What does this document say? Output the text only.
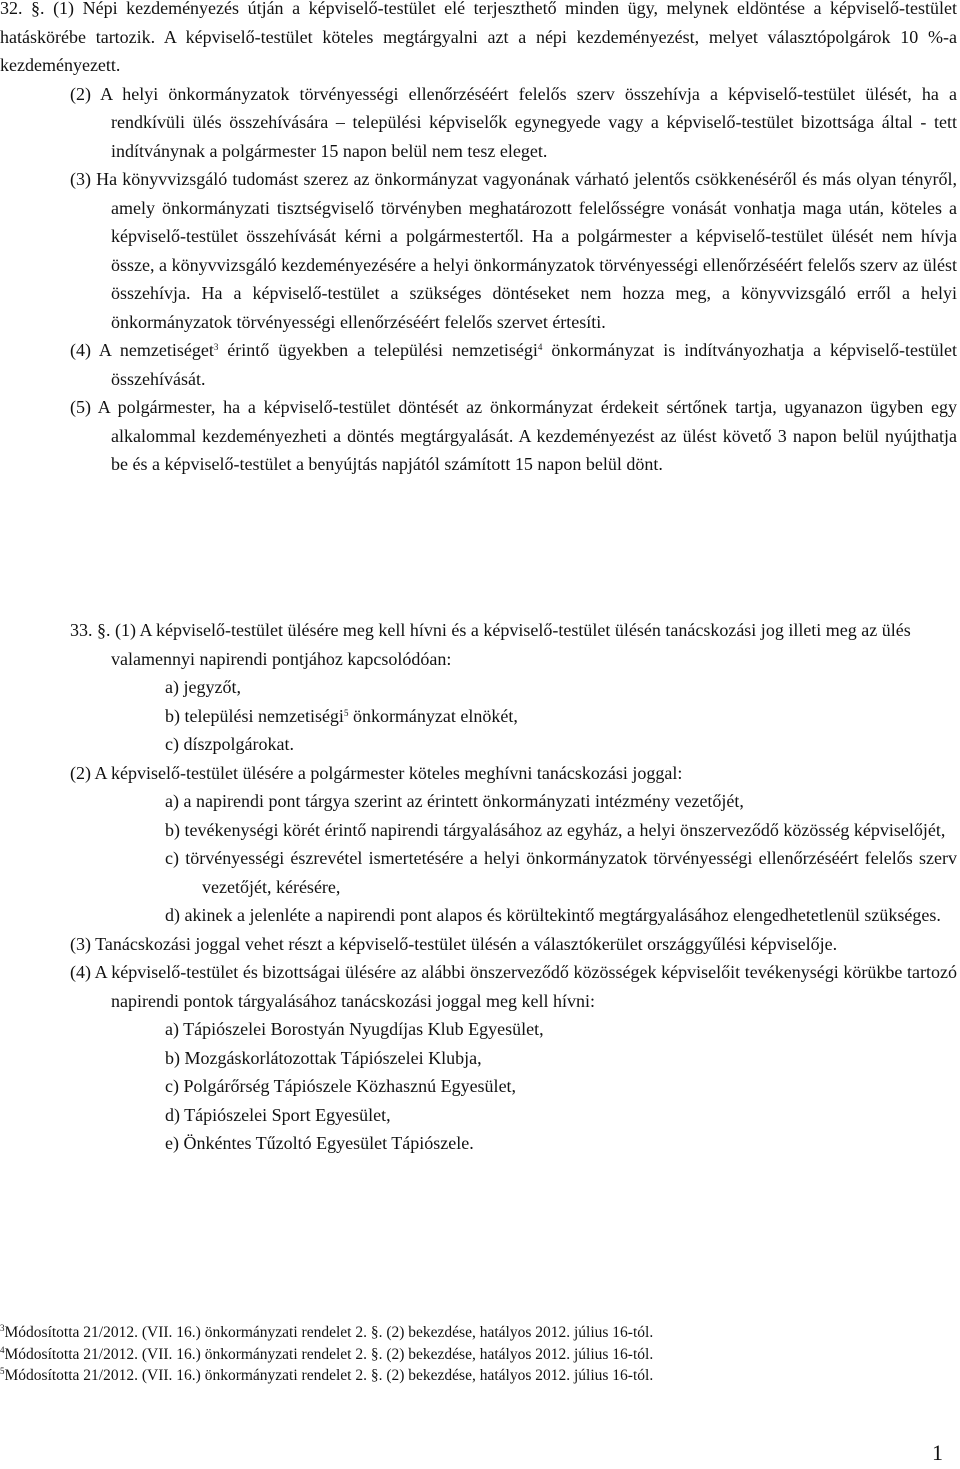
32. §. (1) Népi kezdeményezés útján a képviselő-testület elé terjeszthető minden ügy, melynek eldöntése a képviselő-testület hatáskörébe tartozik. A képviselő-testület köteles megtárgyalni azt a népi kezdeményezést, melyet választópolgárok 10 %-a kezdeményezett.

(2) A helyi önkormányzatok törvényességi ellenőrzéséért felelős szerv összehívja a képviselő-testület ülését, ha a rendkívüli ülés összehívására – települési képviselők egynegyede vagy a képviselő-testület bizottsága által - tett indítványnak a polgármester 15 napon belül nem tesz eleget.

(3) Ha könyvvizsgáló tudomást szerez az önkormányzat vagyonának várható jelentős csökkenéséről és más olyan tényről, amely önkormányzati tisztségviselő törvényben meghatározott felelősségre vonását vonhatja maga után, köteles a képviselő-testület összehívását kérni a polgármestertől. Ha a polgármester a képviselő-testület ülését nem hívja össze, a könyvvizsgáló kezdeményezésére a helyi önkormányzatok törvényességi ellenőrzéséért felelős szerv az ülést összehívja. Ha a képviselő-testület a szükséges döntéseket nem hozza meg, a könyvvizsgáló erről a helyi önkormányzatok törvényességi ellenőrzéséért felelős szervet értesíti.

(4) A nemzetiséget$^3$ érintő ügyekben a települési nemzetiségi$^4$ önkormányzat is indítványozhatja a képviselő-testület összehívását.

(5) A polgármester, ha a képviselő-testület döntését az önkormányzat érdekeit sértőnek tartja, ugyanazon ügyben egy alkalommal kezdeményezheti a döntés megtárgyalását. A kezdeményezést az ülést követő 3 napon belül nyújthatja be és a képviselő-testület a benyújtás napjától számított 15 napon belül dönt.

33. §. (1) A képviselő-testület ülésére meg kell hívni és a képviselő-testület ülésén tanácskozási jog illeti meg az ülés valamennyi napirendi pontjához kapcsolódóan:

a) jegyzőt,

b) települési nemzetiségi$^5$ önkormányzat elnökét,

c) díszpolgárokat.

(2) A képviselő-testület ülésére a polgármester köteles meghívni tanácskozási joggal:

a) a napirendi pont tárgya szerint az érintett önkormányzati intézmény vezetőjét,

b) tevékenységi körét érintő napirendi tárgyalásához az egyház, a helyi önszerveződő közösség képviselőjét,

c) törvényességi észrevétel ismertetésére a helyi önkormányzatok törvényességi ellenőrzéséért felelős szerv vezetőjét, kérésére,

d) akinek a jelenléte a napirendi pont alapos és körültekintő megtárgyalásához elengedhetetlenül szükséges.

(3) Tanácskozási joggal vehet részt a képviselő-testület ülésén a választókerület országgyűlési képviselője.

(4) A képviselő-testület és bizottságai ülésére az alábbi önszerveződő közösségek képviselőit tevékenységi körükbe tartozó napirendi pontok tárgyalásához tanácskozási joggal meg kell hívni:

a) Tápiószelei Borostyán Nyugdíjas Klub Egyesület,

b) Mozgáskorlátozottak Tápiószelei Klubja,

c) Polgárőrség Tápiószele Közhasznú Egyesület,

d) Tápiószelei Sport Egyesület,

e) Önkéntes Tűzoltó Egyesület Tápiószele.

$^3$Módosította 21/2012. (VII. 16.) önkormányzati rendelet 2. §. (2) bekezdése, hatályos 2012. július 16-tól.
$^4$Módosította 21/2012. (VII. 16.) önkormányzati rendelet 2. §. (2) bekezdése, hatályos 2012. július 16-tól.
$^5$Módosította 21/2012. (VII. 16.) önkormányzati rendelet 2. §. (2) bekezdése, hatályos 2012. július 16-tól.
1
